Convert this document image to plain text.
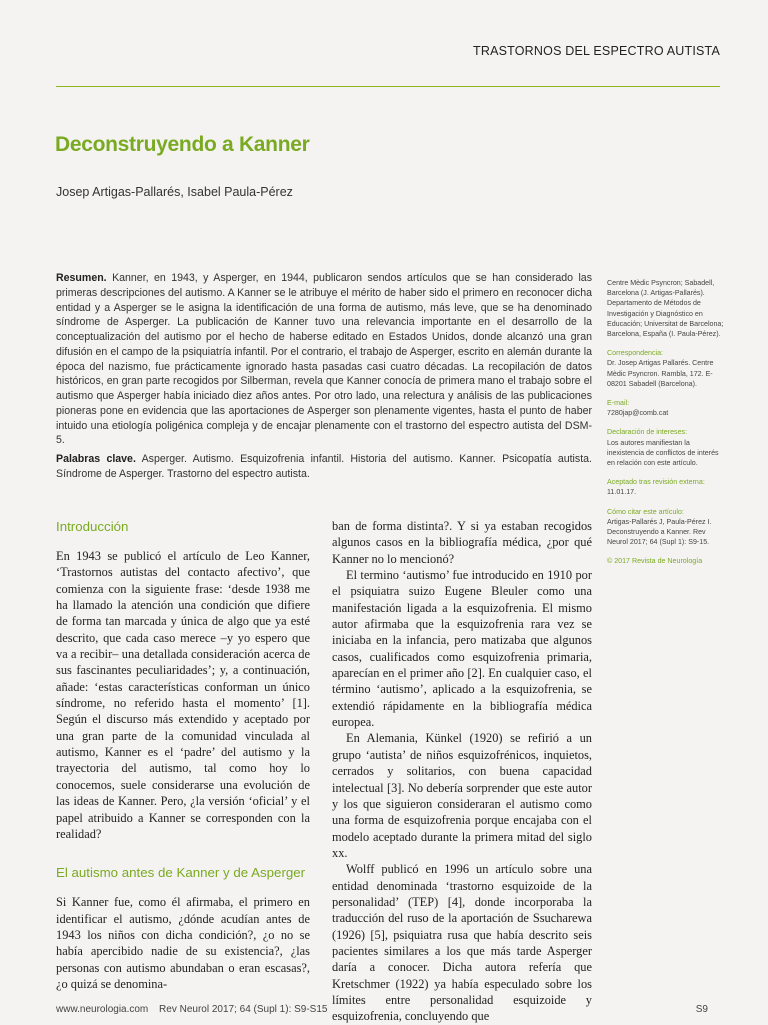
TRASTORNOS DEL ESPECTRO AUTISTA
Deconstruyendo a Kanner
Josep Artigas-Pallarés, Isabel Paula-Pérez

Resumen. Kanner, en 1943, y Asperger, en 1944, publicaron sendos artículos que se han considerado las primeras descripciones del autismo. A Kanner se le atribuye el mérito de haber sido el primero en reconocer dicha entidad y a Asperger se le asigna la identificación de una forma de autismo, más leve, que se ha denominado síndrome de Asperger. La publicación de Kanner tuvo una relevancia importante en el desarrollo de la conceptualización del autismo por el hecho de haberse editado en Estados Unidos, donde alcanzó una gran difusión en el campo de la psiquiatría infantil. Por el contrario, el trabajo de Asperger, escrito en alemán durante la época del nazismo, fue prácticamente ignorado hasta pasadas casi cuatro décadas. La recopilación de datos históricos, en gran parte recogidos por Silberman, revela que Kanner conocía de primera mano el trabajo sobre el autismo que Asperger había iniciado diez años antes. Por otro lado, una relectura y análisis de las publicaciones pioneras pone en evidencia que las aportaciones de Asperger son plenamente vigentes, hasta el punto de haber intuido una etiología poligénica compleja y de encajar plenamente con el trastorno del espectro autista del DSM-5.

Palabras clave. Asperger. Autismo. Esquizofrenia infantil. Historia del autismo. Kanner. Psicopatía autista. Síndrome de Asperger. Trastorno del espectro autista.

Centre Mèdic Psyncron; Sabadell, Barcelona (J. Artigas-Pallarés). Departamento de Métodos de Investigación y Diagnóstico en Educación; Universitat de Barcelona; Barcelona, España (I. Paula-Pérez).
Correspondencia:
Dr. Josep Artigas Pallarés. Centre Mèdic Psyncron. Rambla, 172. E-08201 Sabadell (Barcelona).
E-mail:
7280jap@comb.cat
Declaración de intereses:
Los autores manifiestan la inexistencia de conflictos de interés en relación con este artículo.
Aceptado tras revisión externa:
11.01.17.
Cómo citar este artículo:
Artigas-Pallarés J, Paula-Pérez I. Deconstruyendo a Kanner. Rev Neurol 2017; 64 (Supl 1): S9-15.
© 2017 Revista de Neurología
Introducción

En 1943 se publicó el artículo de Leo Kanner, ‘Trastornos autistas del contacto afectivo’, que comienza con la siguiente frase: ‘desde 1938 me ha llamado la atención una condición que difiere de forma tan marcada y única de algo que ya esté descrito, que cada caso merece –y yo espero que va a recibir– una detallada consideración acerca de sus fascinantes peculiaridades’; y, a continuación, añade: ‘estas características conforman un único síndrome, no referido hasta el momento’ [1]. Según el discurso más extendido y aceptado por una gran parte de la comunidad vinculada al autismo, Kanner es el ‘padre’ del autismo y la trayectoria del autismo, tal como hoy lo conocemos, suele considerarse una evolución de las ideas de Kanner. Pero, ¿la versión ‘oficial’ y el papel atribuido a Kanner se corresponden con la realidad?

El autismo antes de Kanner y de Asperger

Si Kanner fue, como él afirmaba, el primero en identificar el autismo, ¿dónde acudían antes de 1943 los niños con dicha condición?, ¿o no se había apercibido nadie de su existencia?, ¿las personas con autismo abundaban o eran escasas?, ¿o quizá se denomina-

ban de forma distinta?. Y si ya estaban recogidos algunos casos en la bibliografía médica, ¿por qué Kanner no lo mencionó?

El termino ‘autismo’ fue introducido en 1910 por el psiquiatra suizo Eugene Bleuler como una manifestación ligada a la esquizofrenia. El mismo autor afirmaba que la esquizofrenia rara vez se iniciaba en la infancia, pero matizaba que algunos casos, cualificados como esquizofrenia primaria, aparecían en el primer año [2]. En cualquier caso, el término ‘autismo’, aplicado a la esquizofrenia, se extendió rápidamente en la bibliografía médica europea.

En Alemania, Künkel (1920) se refirió a un grupo ‘autista’ de niños esquizofrénicos, inquietos, cerrados y solitarios, con buena capacidad intelectual [3]. No debería sorprender que este autor y los que siguieron consideraran el autismo como una forma de esquizofrenia porque encajaba con el modelo aceptado durante la primera mitad del siglo xx.

Wolff publicó en 1996 un artículo sobre una entidad denominada ‘trastorno esquizoide de la personalidad’ (TEP) [4], donde incorporaba la traducción del ruso de la aportación de Ssucharewa (1926) [5], psiquiatra rusa que había descrito seis pacientes similares a los que más tarde Asperger daría a conocer. Dicha autora refería que Kretschmer (1922) ya había especulado sobre los límites entre personalidad esquizoide y esquizofrenia, concluyendo que

www.neurologia.com Rev Neurol 2017; 64 (Supl 1): S9-S15	S9
